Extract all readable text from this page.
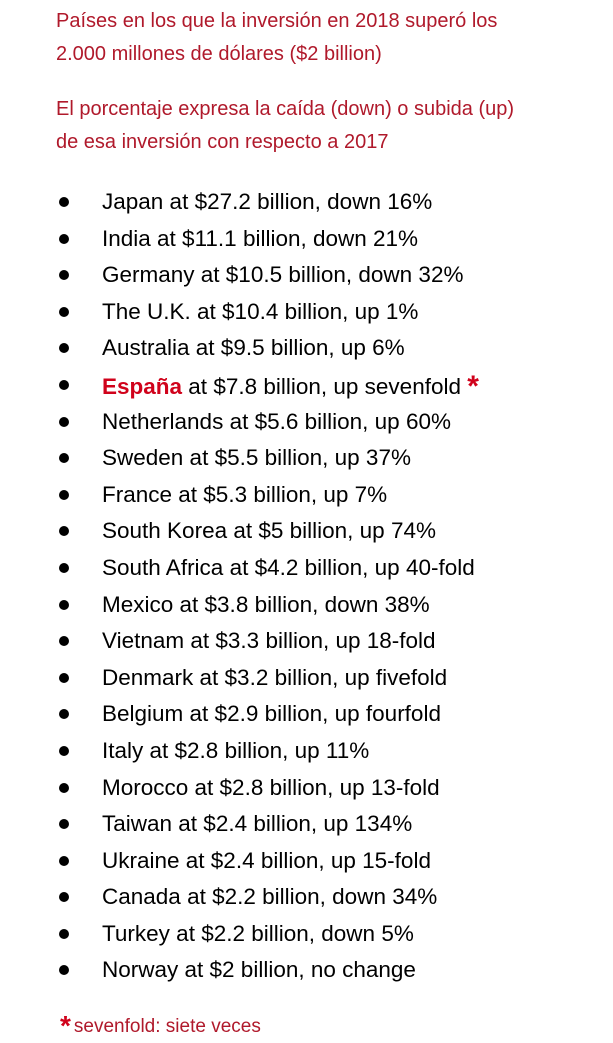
Países en los que la inversión en 2018 superó los
2.000 millones de dólares ($2 billion)

El porcentaje expresa la caída (down) o subida (up)
de esa inversión con respecto a 2017

Japan at $27.2 billion, down 16%
India at $11.1 billion, down 21%
Germany at $10.5 billion, down 32%
The U.K. at $10.4 billion, up 1%
Australia at $9.5 billion, up 6%
España at $7.8 billion, up sevenfold *
Netherlands at $5.6 billion, up 60%
Sweden at $5.5 billion, up 37%
France at $5.3 billion, up 7%
South Korea at $5 billion, up 74%
South Africa at $4.2 billion, up 40-fold
Mexico at $3.8 billion, down 38%
Vietnam at $3.3 billion, up 18-fold
Denmark at $3.2 billion, up fivefold
Belgium at $2.9 billion, up fourfold
Italy at $2.8 billion, up 11%
Morocco at $2.8 billion, up 13-fold
Taiwan at $2.4 billion, up 134%
Ukraine at $2.4 billion, up 15-fold
Canada at $2.2 billion, down 34%
Turkey at $2.2 billion, down 5%
Norway at $2 billion, no change
* sevenfold: siete veces
